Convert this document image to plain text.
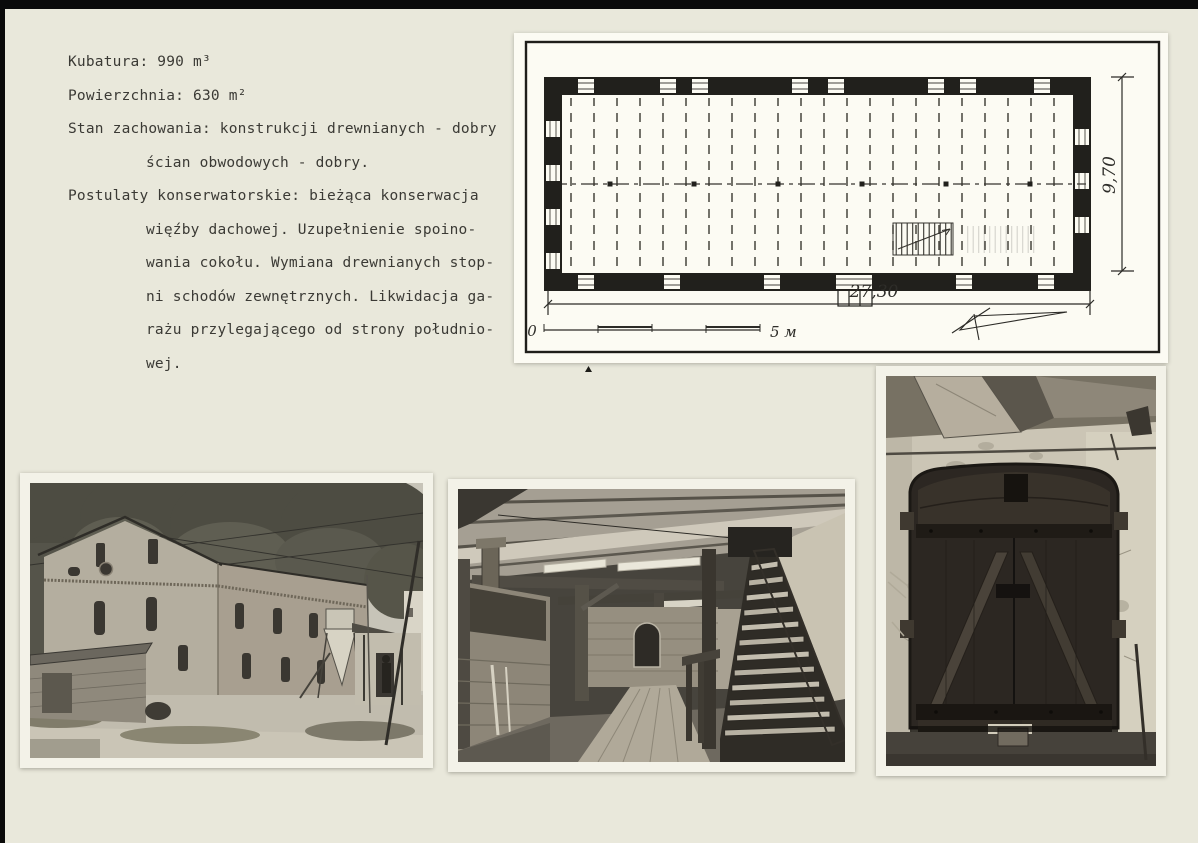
Kubatura: 990 m³
Powierzchnia: 630 m²
Stan zachowania: konstrukcji drewnianych - dobry
ścian obwodowych - dobry.
Postulaty konserwatorskie: bieżąca konserwacja
więźby dachowej. Uzupełnienie spoino-
wania cokołu. Wymiana drewnianych stop-
ni schodów zewnętrznych. Likwidacja ga-
rażu przylegającego od strony południo-
wej.
27,30
9,70
0	5 м
